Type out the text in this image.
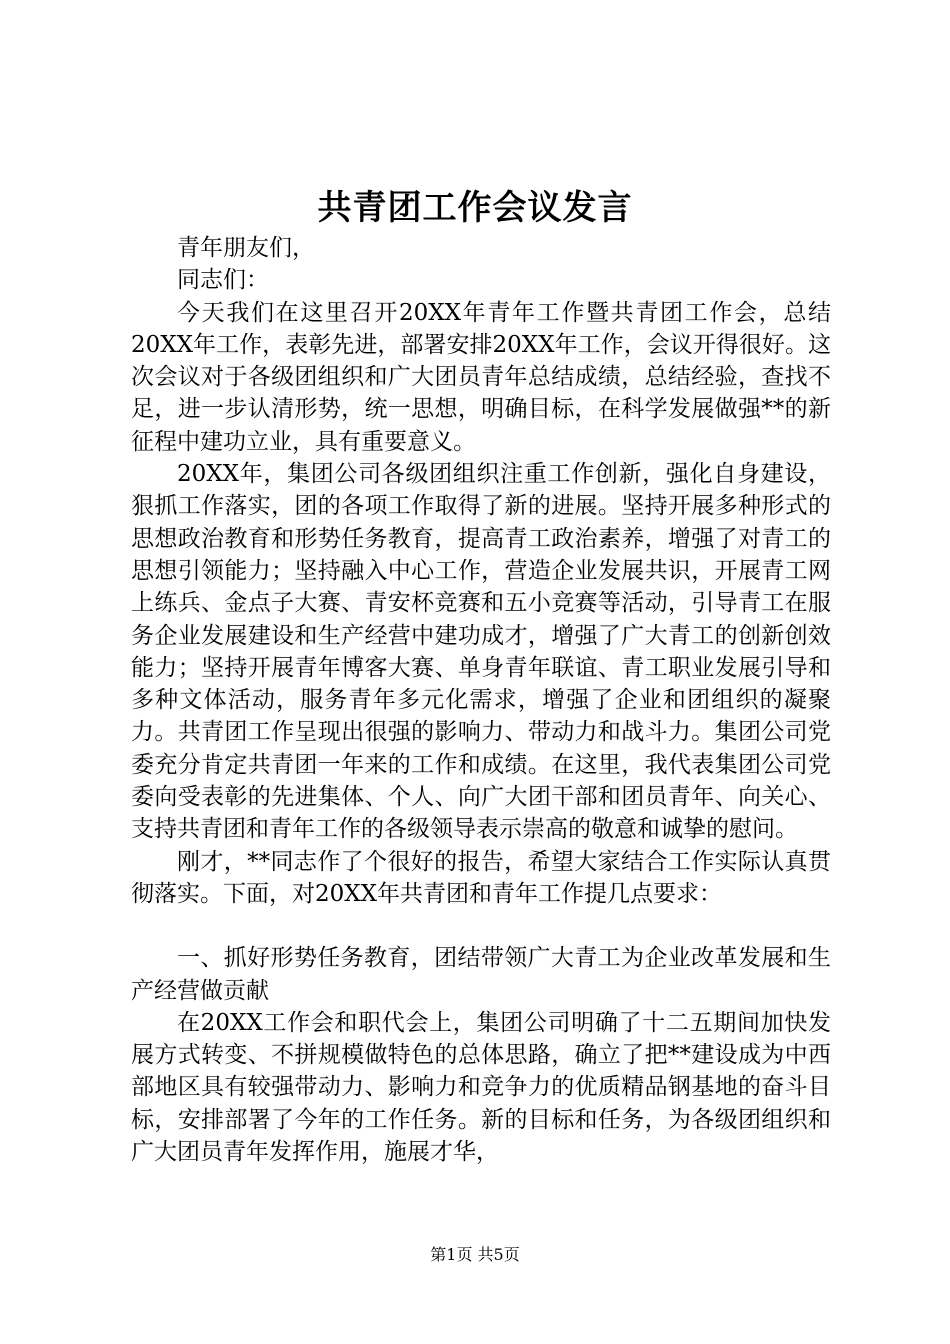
共青团工作会议发言

青年朋友们，

同志们：

今天我们在这里召开20XX年青年工作暨共青团工作会，总结20XX年工作，表彰先进，部署安排20XX年工作，会议开得很好。这次会议对于各级团组织和广大团员青年总结成绩，总结经验，查找不足，进一步认清形势，统一思想，明确目标，在科学发展做强**的新征程中建功立业，具有重要意义。

20XX年，集团公司各级团组织注重工作创新，强化自身建设，狠抓工作落实，团的各项工作取得了新的进展。坚持开展多种形式的思想政治教育和形势任务教育，提高青工政治素养，增强了对青工的思想引领能力；坚持融入中心工作，营造企业发展共识，开展青工网上练兵、金点子大赛、青安杯竞赛和五小竞赛等活动，引导青工在服务企业发展建设和生产经营中建功成才，增强了广大青工的创新创效能力；坚持开展青年博客大赛、单身青年联谊、青工职业发展引导和多种文体活动，服务青年多元化需求，增强了企业和团组织的凝聚力。共青团工作呈现出很强的影响力、带动力和战斗力。集团公司党委充分肯定共青团一年来的工作和成绩。在这里，我代表集团公司党委向受表彰的先进集体、个人、向广大团干部和团员青年、向关心、支持共青团和青年工作的各级领导表示崇高的敬意和诚挚的慰问。

刚才，**同志作了个很好的报告，希望大家结合工作实际认真贯彻落实。下面，对20XX年共青团和青年工作提几点要求：

一、抓好形势任务教育，团结带领广大青工为企业改革发展和生产经营做贡献

在20XX工作会和职代会上，集团公司明确了十二五期间加快发展方式转变、不拼规模做特色的总体思路，确立了把**建设成为中西部地区具有较强带动力、影响力和竞争力的优质精品钢基地的奋斗目标，安排部署了今年的工作任务。新的目标和任务，为各级团组织和广大团员青年发挥作用，施展才华，

第1页 共5页
